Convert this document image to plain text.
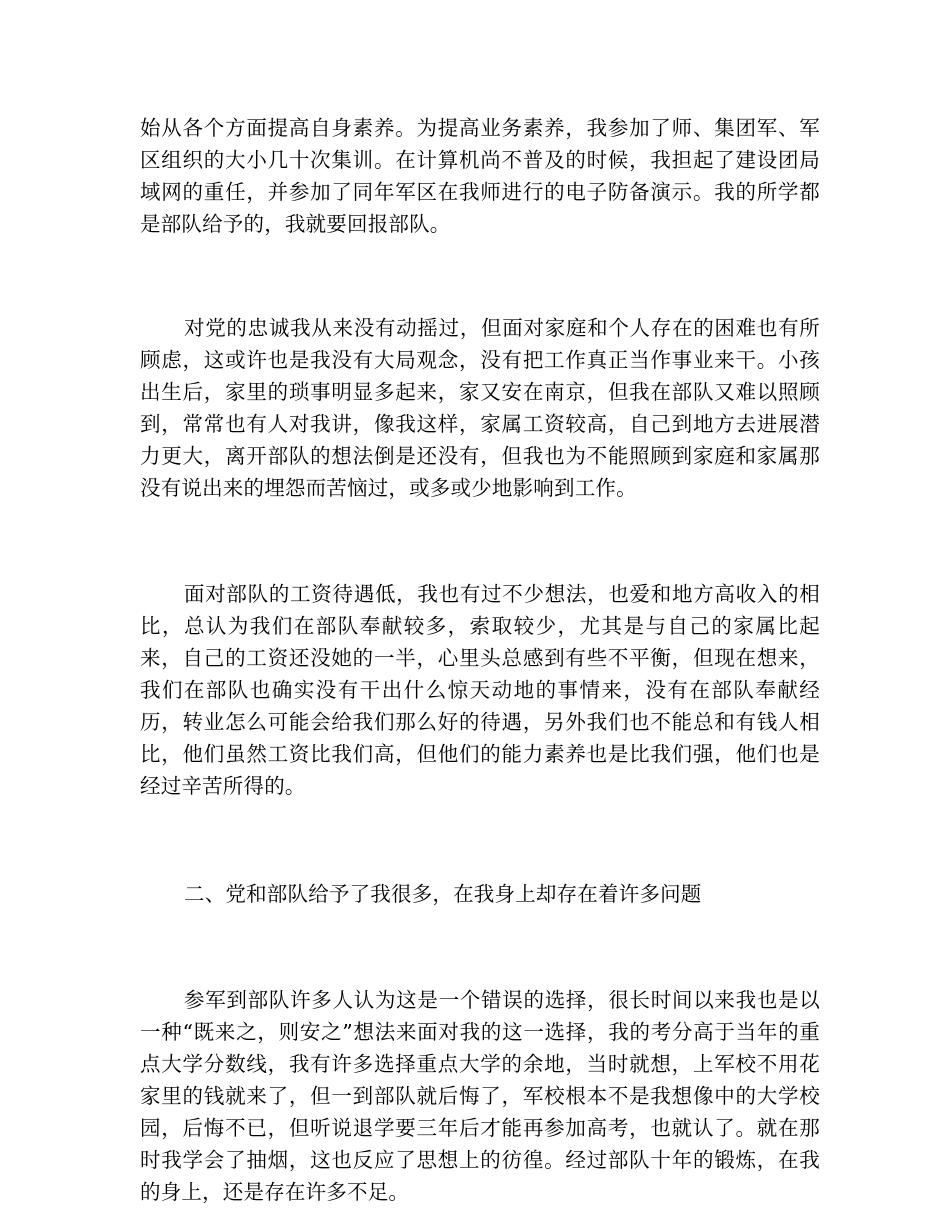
始从各个方面提高自身素养。为提高业务素养，我参加了师、集团军、军区组织的大小几十次集训。在计算机尚不普及的时候，我担起了建设团局域网的重任，并参加了同年军区在我师进行的电子防备演示。我的所学都是部队给予的，我就要回报部队。

对党的忠诚我从来没有动摇过，但面对家庭和个人存在的困难也有所顾虑，这或许也是我没有大局观念，没有把工作真正当作事业来干。小孩出生后，家里的琐事明显多起来，家又安在南京，但我在部队又难以照顾到，常常也有人对我讲，像我这样，家属工资较高，自己到地方去进展潜力更大，离开部队的想法倒是还没有，但我也为不能照顾到家庭和家属那没有说出来的埋怨而苦恼过，或多或少地影响到工作。

面对部队的工资待遇低，我也有过不少想法，也爱和地方高收入的相比，总认为我们在部队奉献较多，索取较少，尤其是与自己的家属比起来，自己的工资还没她的一半，心里头总感到有些不平衡，但现在想来，我们在部队也确实没有干出什么惊天动地的事情来，没有在部队奉献经历，转业怎么可能会给我们那么好的待遇，另外我们也不能总和有钱人相比，他们虽然工资比我们高，但他们的能力素养也是比我们强，他们也是经过辛苦所得的。

二、党和部队给予了我很多，在我身上却存在着许多问题

参军到部队许多人认为这是一个错误的选择，很长时间以来我也是以一种“既来之，则安之”想法来面对我的这一选择，我的考分高于当年的重点大学分数线，我有许多选择重点大学的余地，当时就想，上军校不用花家里的钱就来了，但一到部队就后悔了，军校根本不是我想像中的大学校园，后悔不已，但听说退学要三年后才能再参加高考，也就认了。就在那时我学会了抽烟，这也反应了思想上的彷徨。经过部队十年的锻炼，在我的身上，还是存在许多不足。
